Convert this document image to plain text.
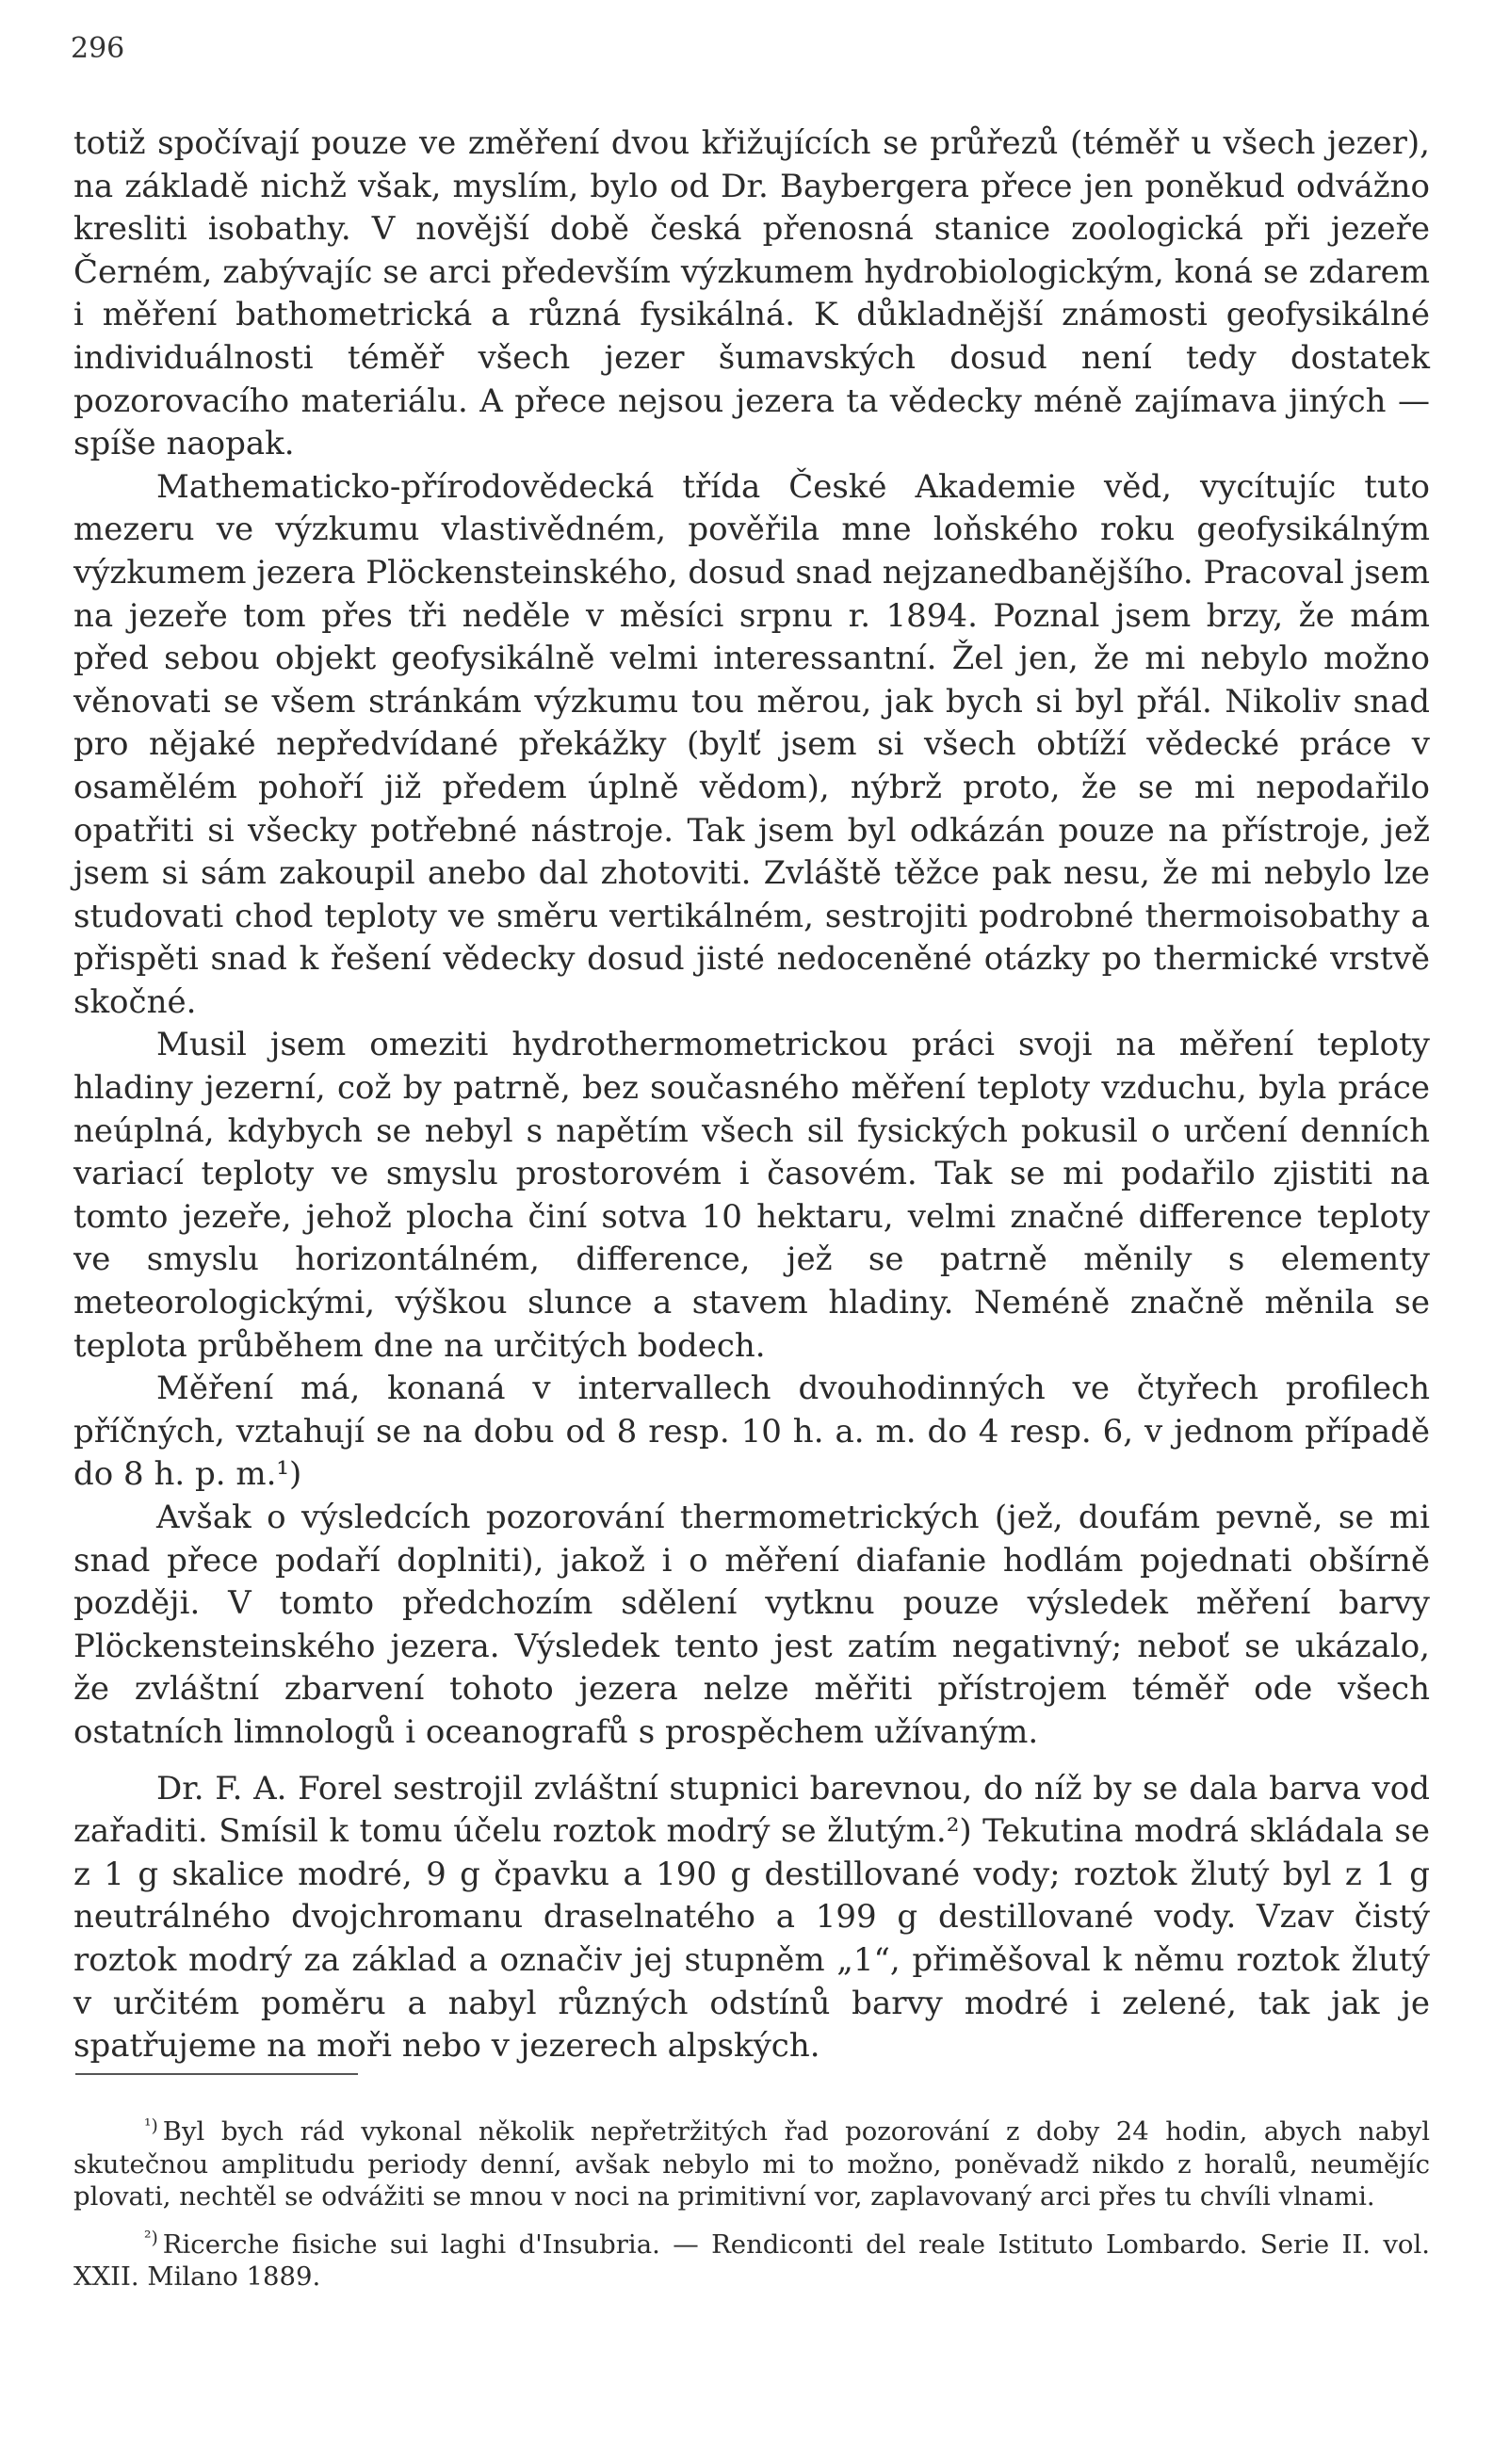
296

totiž spočívají pouze ve změření dvou křižujících se průřezů (téměř u všech jezer), na základě nichž však, myslím, bylo od Dr. Baybergera přece jen poněkud odvážno kresliti isobathy. V novější době česká přenosná stanice zoologická při jezeře Černém, zabývajíc se arci především výzkumem hydrobiologickým, koná se zdarem i měření bathometrická a různá fysikálná. K důkladnější známosti geofysikálné individuálnosti téměř všech jezer šumavských dosud není tedy dostatek pozorovacího materiálu. A přece nejsou jezera ta vědecky méně zajímava jiných — spíše naopak.

Mathematicko-přírodovědecká třída České Akademie věd, vycítujíc tuto mezeru ve výzkumu vlastivědném, pověřila mne loňského roku geofysikálným výzkumem jezera Plöckensteinského, dosud snad nejzanedbanějšího. Pracoval jsem na jezeře tom přes tři neděle v měsíci srpnu r. 1894. Poznal jsem brzy, že mám před sebou objekt geofysikálně velmi interessantní. Žel jen, že mi nebylo možno věnovati se všem stránkám výzkumu tou měrou, jak bych si byl přál. Nikoliv snad pro nějaké nepředvídané překážky (bylť jsem si všech obtíží vědecké práce v osamělém pohoří již předem úplně vědom), nýbrž proto, že se mi nepodařilo opatřiti si všecky potřebné nástroje. Tak jsem byl odkázán pouze na přístroje, jež jsem si sám zakoupil anebo dal zhotoviti. Zvláště těžce pak nesu, že mi nebylo lze studovati chod teploty ve směru vertikálném, sestrojiti podrobné thermoisobathy a přispěti snad k řešení vědecky dosud jisté nedoceněné otázky po thermické vrstvě skočné.

Musil jsem omeziti hydrothermometrickou práci svoji na měření teploty hladiny jezerní, což by patrně, bez současného měření teploty vzduchu, byla práce neúplná, kdybych se nebyl s napětím všech sil fysických pokusil o určení denních variací teploty ve smyslu prostorovém i časovém. Tak se mi podařilo zjistiti na tomto jezeře, jehož plocha činí sotva 10 hektaru, velmi značné difference teploty ve smyslu horizontálném, difference, jež se patrně měnily s elementy meteorologickými, výškou slunce a stavem hladiny. Neméně značně měnila se teplota průběhem dne na určitých bodech.

Měření má, konaná v intervallech dvouhodinných ve čtyřech profilech příčných, vztahují se na dobu od 8 resp. 10 h. a. m. do 4 resp. 6, v jednom případě do 8 h. p. m.¹)

Avšak o výsledcích pozorování thermometrických (jež, doufám pevně, se mi snad přece podaří doplniti), jakož i o měření diafanie hodlám pojednati obšírně později. V tomto předchozím sdělení vytknu pouze výsledek měření barvy Plöckensteinského jezera. Výsledek tento jest zatím negativný; neboť se ukázalo, že zvláštní zbarvení tohoto jezera nelze měřiti přístrojem téměř ode všech ostatních limnologů i oceanografů s prospěchem užívaným.

Dr. F. A. Forel sestrojil zvláštní stupnici barevnou, do níž by se dala barva vod zařaditi. Smísil k tomu účelu roztok modrý se žlutým.²) Tekutina modrá skládala se z 1 g skalice modré, 9 g čpavku a 190 g destillované vody; roztok žlutý byl z 1 g neutrálného dvojchromanu draselnatého a 199 g destillované vody. Vzav čistý roztok modrý za základ a označiv jej stupněm „1“, přiměšoval k němu roztok žlutý v určitém poměru a nabyl různých odstínů barvy modré i zelené, tak jak je spatřujeme na moři nebo v jezerech alpských.

$^{^1)}$ Byl bych rád vykonal několik nepřetržitých řad pozorování z doby 24 hodin, abych nabyl skutečnou amplitudu periody denní, avšak nebylo mi to možno, poněvadž nikdo z horalů, neumějíc plovati, nechtěl se odvážiti se mnou v noci na primitivní vor, zaplavovaný arci přes tu chvíli vlnami.

$^{^2)}$ Ricerche fisiche sui laghi d'Insubria. — Rendiconti del reale Istituto Lombardo. Serie II. vol. XXII. Milano 1889.
